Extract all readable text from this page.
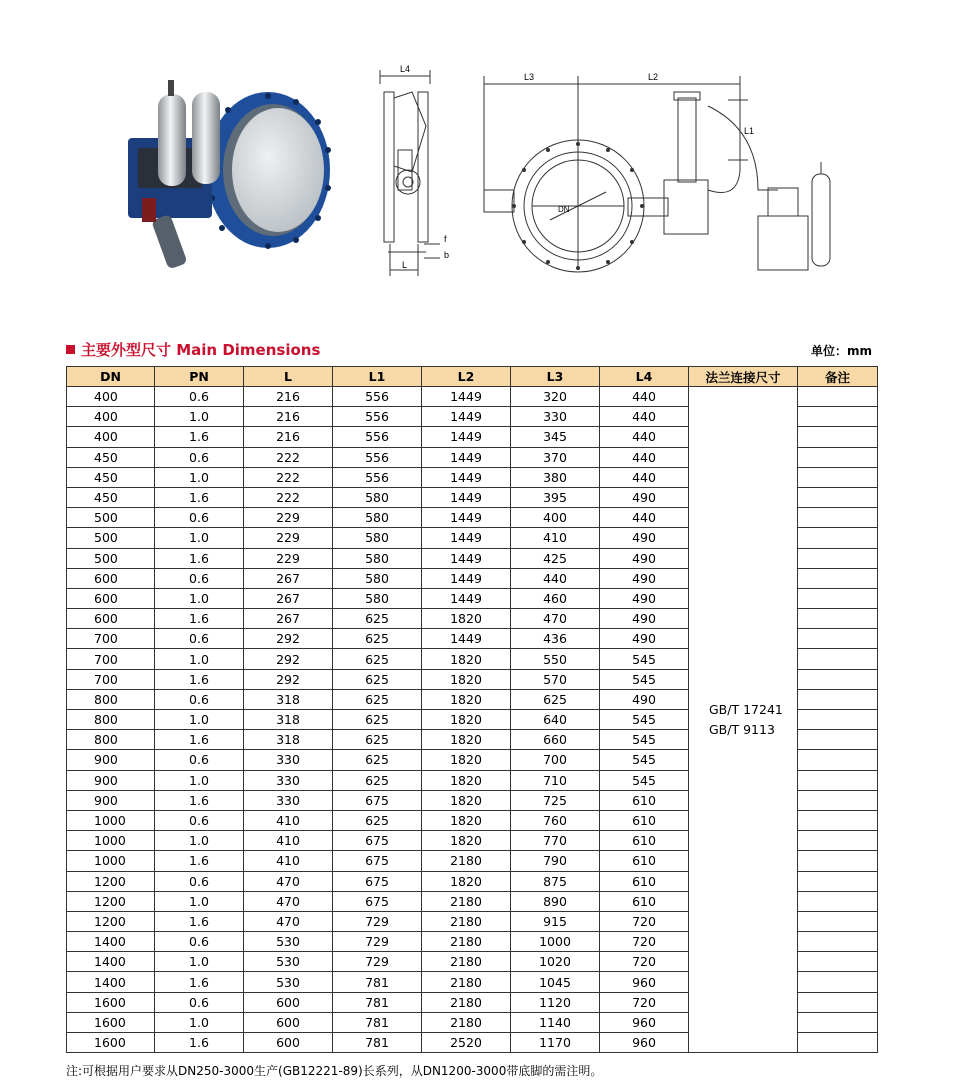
L4
L
f
b
L3	L2
L1
DN
主要外型尺寸 Main Dimensions	单位：mm
DN	PN	L	L1	L2	L3	L4	法兰连接尺寸	备注
400	0.6	216	556	1449	320	440	GB/T 17241
GB/T 9113	

400	1.0	216	556	1449	330	440		
400	1.6	216	556	1449	345	440		
450	0.6	222	556	1449	370	440		
450	1.0	222	556	1449	380	440		
450	1.6	222	580	1449	395	490		
500	0.6	229	580	1449	400	440		
500	1.0	229	580	1449	410	490		
500	1.6	229	580	1449	425	490		
600	0.6	267	580	1449	440	490		
600	1.0	267	580	1449	460	490		
600	1.6	267	625	1820	470	490		
700	0.6	292	625	1449	436	490		
700	1.0	292	625	1820	550	545		
700	1.6	292	625	1820	570	545		
800	0.6	318	625	1820	625	490		
800	1.0	318	625	1820	640	545		
800	1.6	318	625	1820	660	545		
900	0.6	330	625	1820	700	545		
900	1.0	330	625	1820	710	545		
900	1.6	330	675	1820	725	610		
1000	0.6	410	625	1820	760	610		
1000	1.0	410	675	1820	770	610		
1000	1.6	410	675	2180	790	610		
1200	0.6	470	675	1820	875	610		
1200	1.0	470	675	2180	890	610		
1200	1.6	470	729	2180	915	720		
1400	0.6	530	729	2180	1000	720		
1400	1.0	530	729	2180	1020	720		
1400	1.6	530	781	2180	1045	960		
1600	0.6	600	781	2180	1120	720		
1600	1.0	600	781	2180	1140	960		
1600	1.6	600	781	2520	1170	960		
注:可根据用户要求从DN250-3000生产(GB12221-89)长系列，从DN1200-3000带底脚的需注明。
